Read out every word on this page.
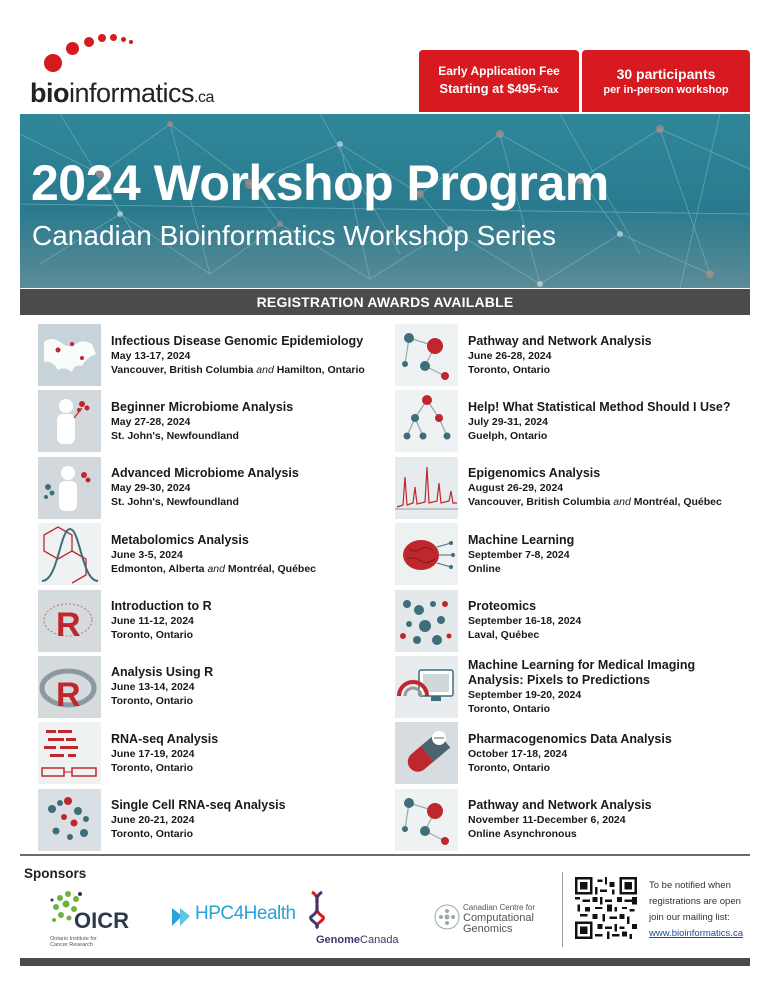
bioinformatics.ca
Early Application Fee
Starting at $495+Tax
30 participants
per in-person workshop
2024 Workshop Program
Canadian Bioinformatics Workshop Series
REGISTRATION AWARDS AVAILABLE
Infectious Disease Genomic Epidemiology
May 13-17, 2024
Vancouver, British Columbia and Hamilton, Ontario
Beginner Microbiome Analysis
May 27-28, 2024
St. John's, Newfoundland
Advanced Microbiome Analysis
May 29-30, 2024
St. John's, Newfoundland
Metabolomics Analysis
June 3-5, 2024
Edmonton, Alberta and Montréal, Québec
R Introduction to R
June 11-12, 2024
Toronto, Ontario
R
Analysis Using R
June 13-14, 2024
Toronto, Ontario
RNA-seq Analysis
June 17-19, 2024
Toronto, Ontario
Single Cell RNA-seq Analysis
June 20-21, 2024
Toronto, Ontario
Pathway and Network Analysis
June 26-28, 2024
Toronto, Ontario
Help! What Statistical Method Should I Use?
July 29-31, 2024
Guelph, Ontario
Epigenomics Analysis
August 26-29, 2024
Vancouver, British Columbia and Montréal, Québec
Machine Learning
September 7-8, 2024
Online
Proteomics
September 16-18, 2024
Laval, Québec
Machine Learning for Medical Imaging Analysis: Pixels to Predictions
September 19-20, 2024
Toronto, Ontario
Pharmacogenomics Data Analysis
October 17-18, 2024
Toronto, Ontario
Pathway and Network Analysis
November 11-December 6, 2024
Online Asynchronous
Sponsors
OICR
Ontario Institute for Cancer Research
HPC4Health
GenomeCanada
Canadian Centre for
Computational Genomics
To be notified when
registrations are open
join our mailing list:
www.bioinformatics.ca
